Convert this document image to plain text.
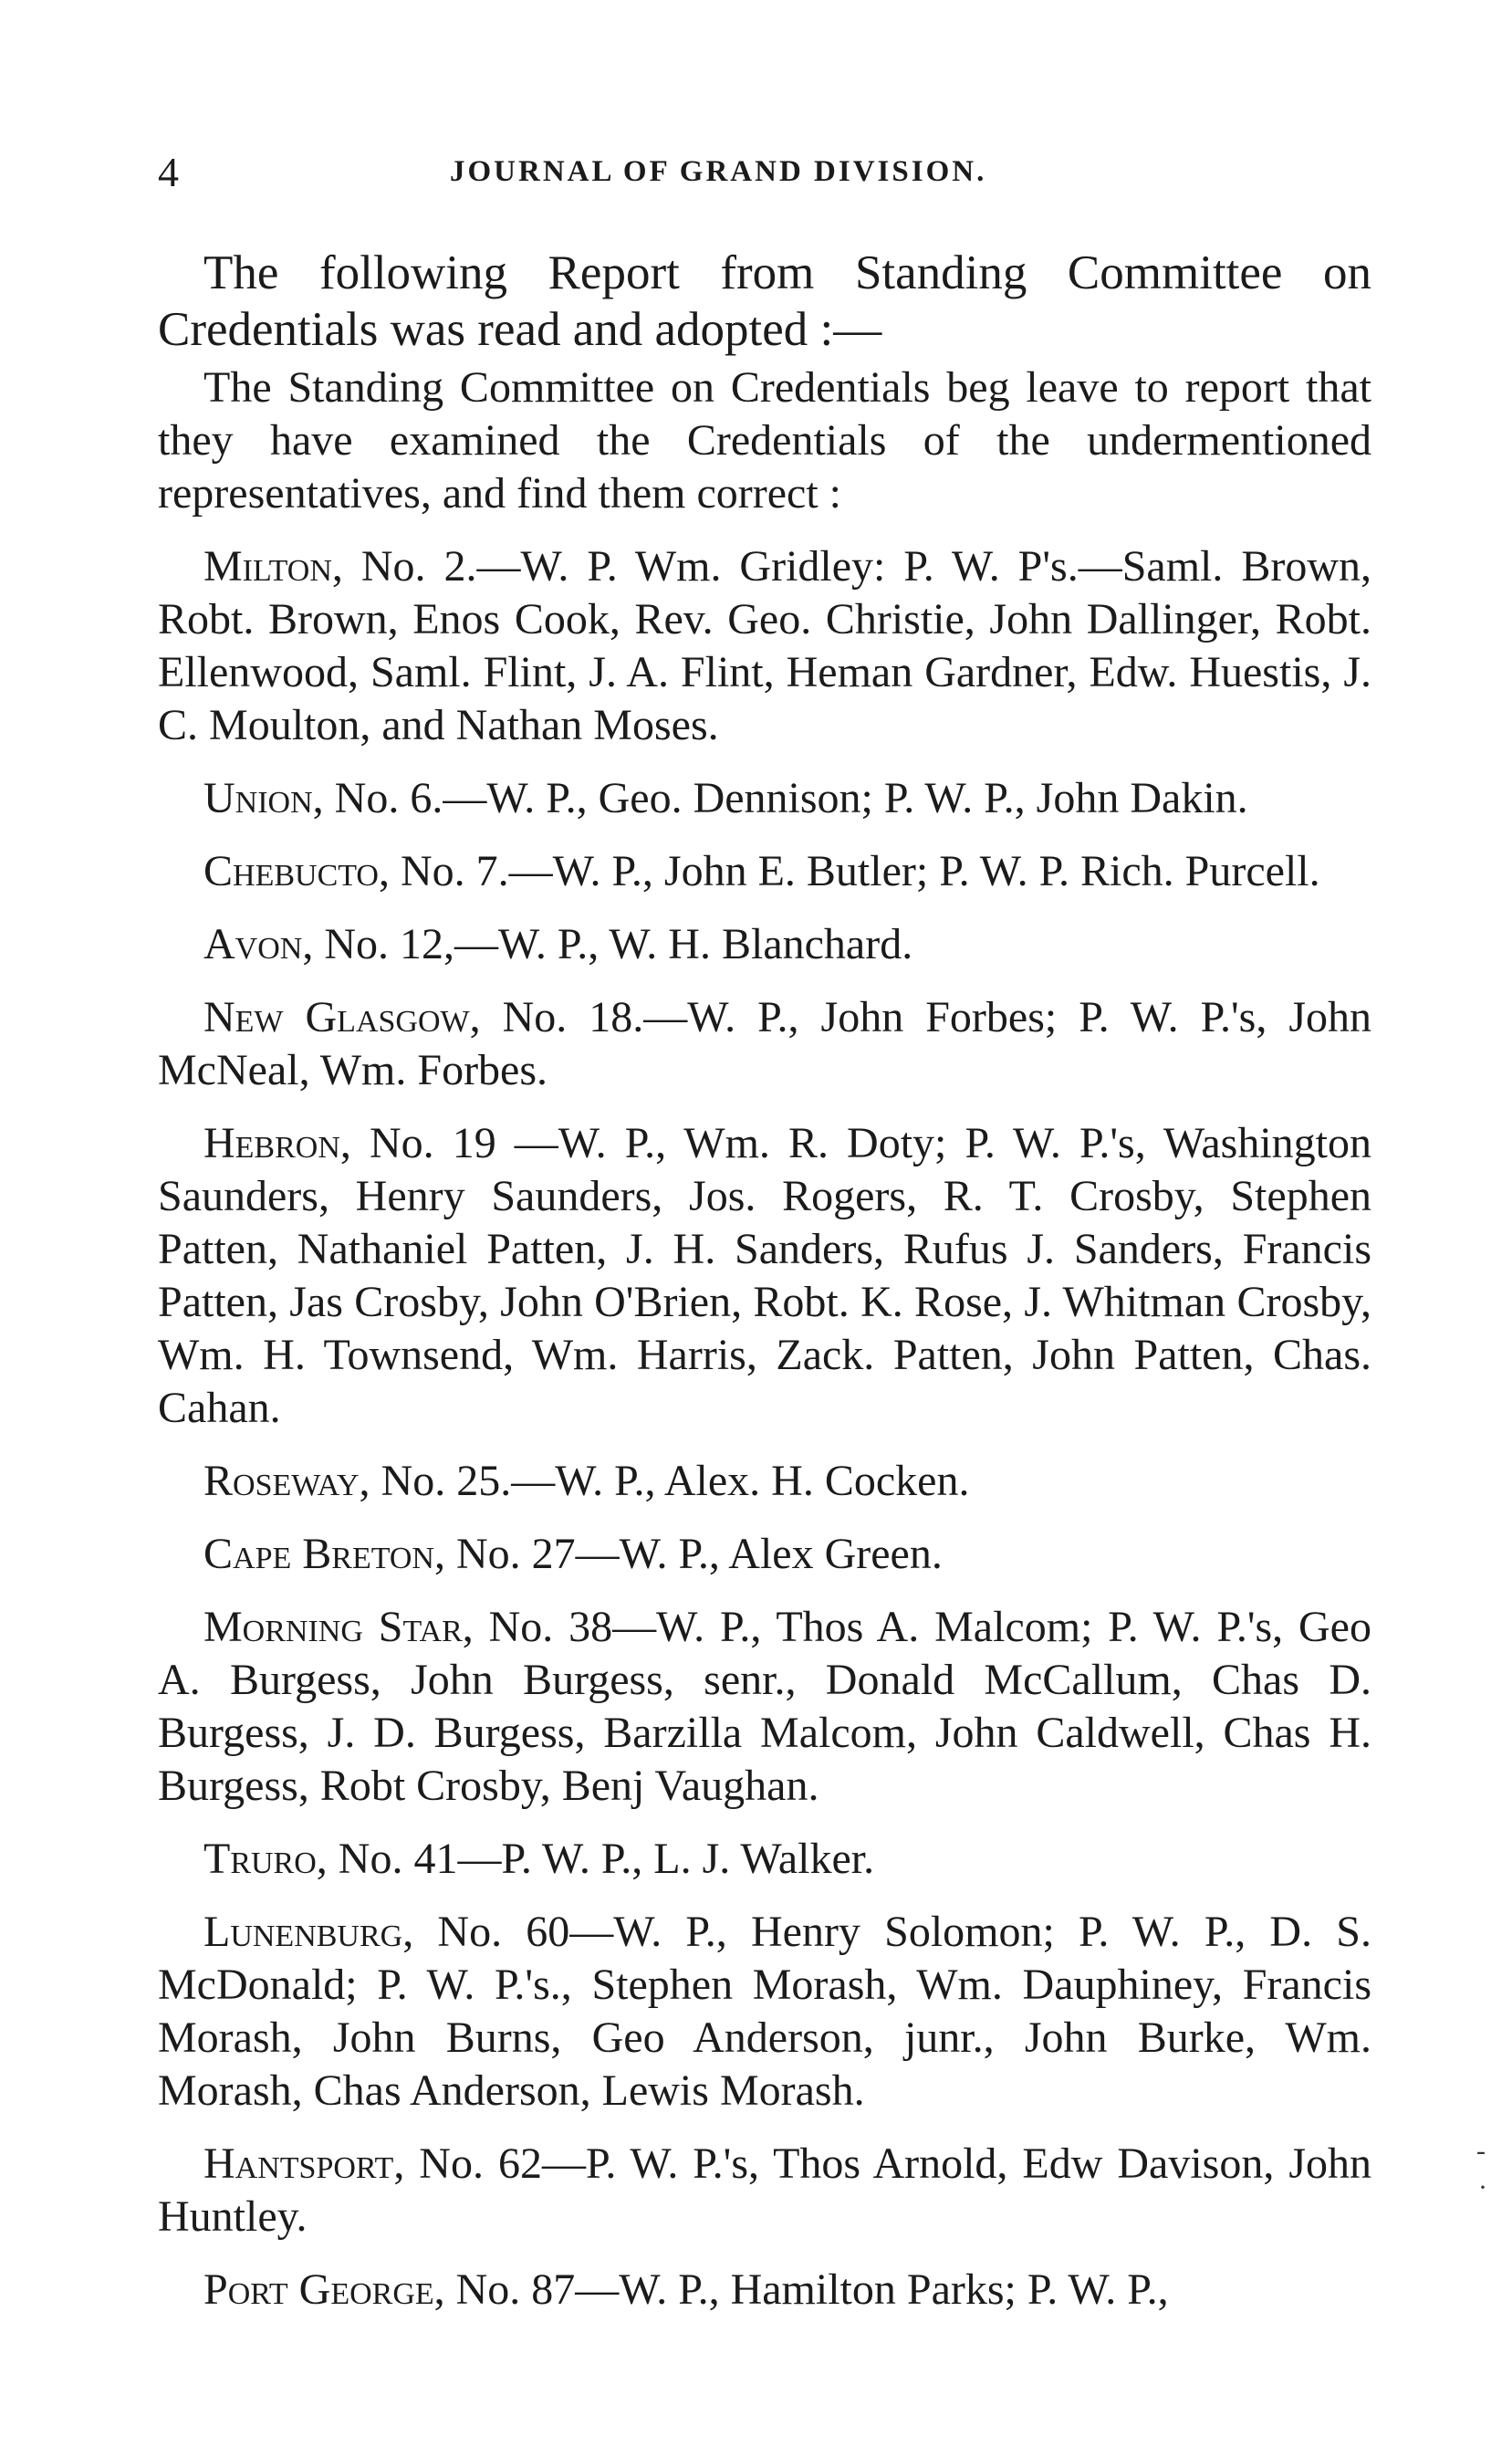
4	JOURNAL OF GRAND DIVISION.

The following Report from Standing Committee on Credentials was read and adopted :—

The Standing Committee on Credentials beg leave to report that they have examined the Credentials of the undermentioned representatives, and find them correct :

Milton, No. 2.—W. P. Wm. Gridley: P. W. P's.—Saml. Brown, Robt. Brown, Enos Cook, Rev. Geo. Christie, John Dallinger, Robt. Ellenwood, Saml. Flint, J. A. Flint, Heman Gardner, Edw. Huestis, J. C. Moulton, and Nathan Moses.

Union, No. 6.—W. P., Geo. Dennison; P. W. P., John Dakin.

Chebucto, No. 7.—W. P., John E. Butler; P. W. P. Rich. Purcell.

Avon, No. 12,—W. P., W. H. Blanchard.

New Glasgow, No. 18.—W. P., John Forbes; P. W. P.'s, John McNeal, Wm. Forbes.

Hebron, No. 19 —W. P., Wm. R. Doty; P. W. P.'s, Washington Saunders, Henry Saunders, Jos. Rogers, R. T. Crosby, Stephen Patten, Nathaniel Patten, J. H. Sanders, Rufus J. Sanders, Francis Patten, Jas Crosby, John O'Brien, Robt. K. Rose, J. Whitman Crosby, Wm. H. Townsend, Wm. Harris, Zack. Patten, John Patten, Chas. Cahan.

Roseway, No. 25.—W. P., Alex. H. Cocken.

Cape Breton, No. 27—W. P., Alex Green.

Morning Star, No. 38—W. P., Thos A. Malcom; P. W. P.'s, Geo A. Burgess, John Burgess, senr., Donald McCallum, Chas D. Burgess, J. D. Burgess, Barzilla Malcom, John Caldwell, Chas H. Burgess, Robt Crosby, Benj Vaughan.

Truro, No. 41—P. W. P., L. J. Walker.

Lunenburg, No. 60—W. P., Henry Solomon; P. W. P., D. S. McDonald; P. W. P.'s., Stephen Morash, Wm. Dauphiney, Francis Morash, John Burns, Geo Anderson, junr., John Burke, Wm. Morash, Chas Anderson, Lewis Morash.

Hantsport, No. 62—P. W. P.'s, Thos Arnold, Edw Davison, John Huntley.

Port George, No. 87—W. P., Hamilton Parks; P. W. P.,

-
·
